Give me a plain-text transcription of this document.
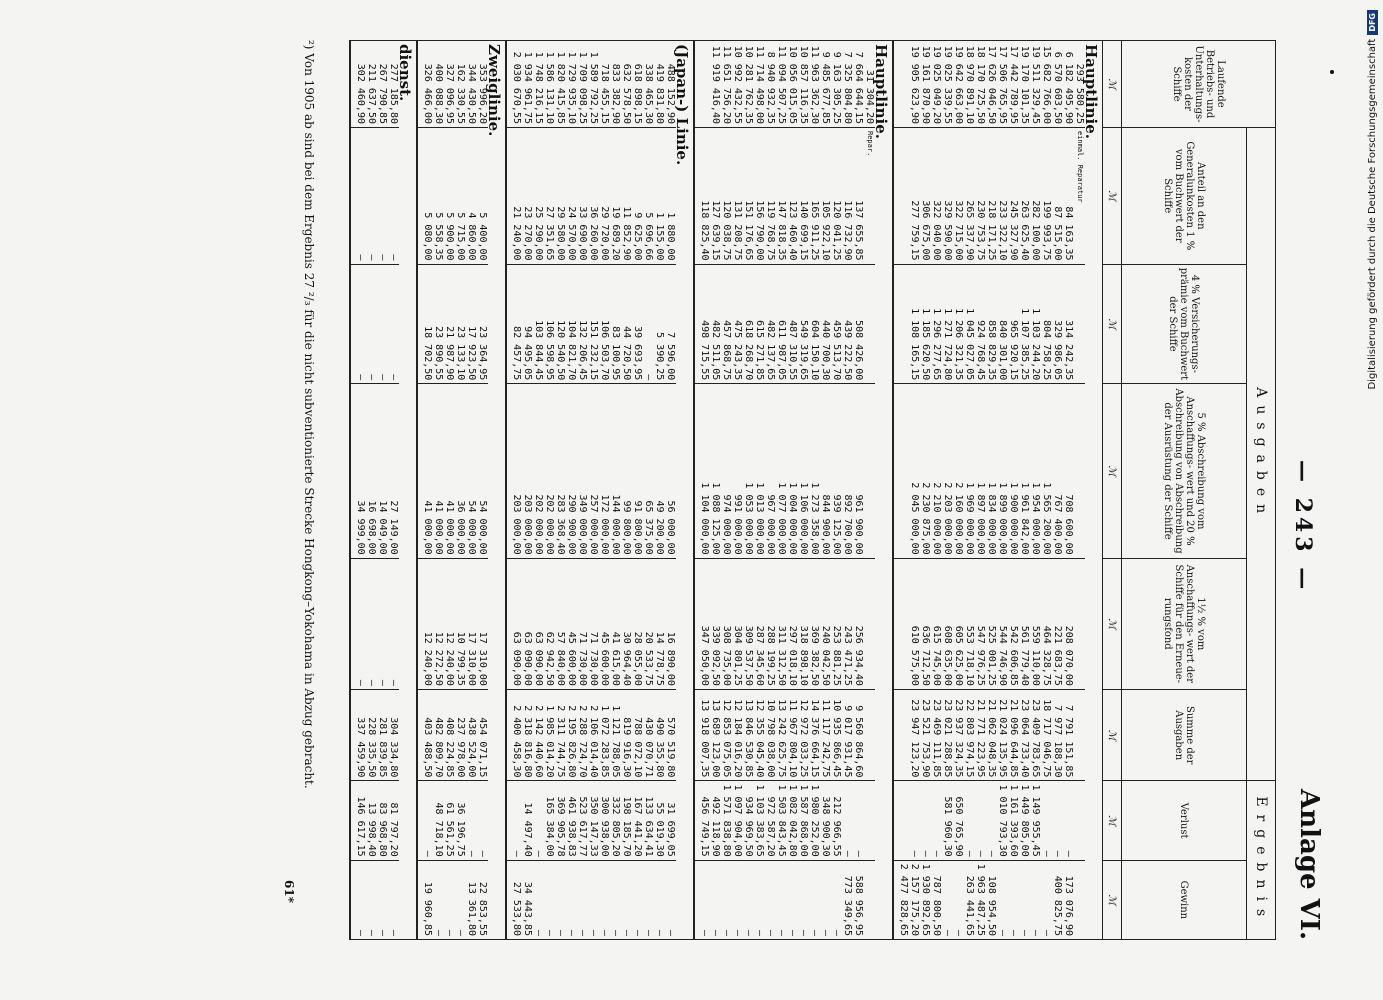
— 243 —
Anlage VI.
Laufende Betriebs- und Unterhaltungs- kosten der Schiffe	Ausgaben					Ergebnis	
	Anteil an den Generalunkosten 1 % vom Buchwert der Schiffe	4 % Versicherungs- prämie vom Buchwert der Schiffe	5 % Abschreibung vom Anschaffungs- wert und 20 % Abschreibung von Abschreibung der Ausrüstung der Schiffe	1½ % vom Anschaffungs- wert der Schiffe für den Erneue- rungsfond	Summe der Ausgaben	Verlust	Gewinn
ℳ	ℳ	ℳ	ℳ	ℳ	ℳ	ℳ	ℳ
Hauptlinie.							
293 580,25	einmal. Reparatur						
6 182 495,90	84 163,35	314 242,35	708 600,00	208 070,00	7 791 151,85	—	173 076,90
6 570 603,50	87 515,00	329 986,05	767 400,00	221 683,75	7 977 188,30	—	400 825,75
15 682 766,00	199 993,75	804 758,25	1 565 200,00	464 328,75	18 717 046,75	—	—
19 511 329,45	282 100,00	1 103 244,20	1 954 000,00	559 110,00	23 409 783,65	1 149 955,45	—
19 170 101,35	263 625,40	1 107 385,25	1 961 842,00	561 779,40	23 064 733,40	1 449 805,00	—
17 442 789,95	245 327,90	965 920,15	1 900 000,00	542 606,85	21 096 644,85	1 161 393,60	—
17 506 765,95	233 322,10	840 301,00	1 899 000,00	544 746,90	21 024 135,95	1 010 793,30	—
17 626 046,50	218 171,25	858 829,35	1 834 000,00	525 001,25	21 062 048,35	—	108 954,50
18 170 725,50	230 753,75	924 768,45	1 897 000,00	547 976,25	21 771 223,95	—	1 963 487,25
18 970 891,10	265 337,90	1 045 027,05	1 969 000,00	553 718,10	22 803 974,15	—	263 441,65
19 642 663,00	322 715,00	1 206 321,35	2 160 000,00	605 625,00	23 937 324,35	650 765,90	—
19 025 339,55	329 590,00	1 271 724,80	2 203 000,00	608 635,00	23 021 288,85	581 960,30	—
19 025 049,20	322 040,00	1 296 277,65	2 210 000,00	615 745,00	23 469 111,85	—	787 800,50
19 161 870,90	306 675,00	1 185 620,50	2 230 875,00	636 712,50	23 521 753,90	—	1 930 892,65
19 905 623,90	277 759,15	1 108 165,15	2 045 000,00	610 575,00	23 947 123,20	—	2 157 175,20
							2 477 828,65

Hauptlinie.							
31 304,20	Repar.						
7 664 644,15	137 655,85	508 426,00	961 900,00	256 934,40	9 560 864,60	—	588 956,95
7 325 804,80	116 732,90	439 222,50	892 700,00	243 471,25	9 017 931,45	—	773 349,65
9 163 305,25	120 041,25	459 513,70	939 125,00	253 881,25	10 935 866,45	212 966,55	—
9 485 677,85	105 922,10	440 700,30	844 900,00	240 042,50	11 117 242,75	348 900,30	—
11 963 362,30	165 911,25	604 150,10	1 273 358,00	369 382,50	14 376 664,15	1 980 252,00	—
10 857 116,35	140 699,15	549 319,65	1 106 000,00	318 898,10	12 972 033,25	1 587 868,00	—
10 056 015,05	123 460,40	487 310,55	1 004 000,00	297 018,10	11 967 804,10	1 082 042,80	—
11 094 507,25	147 818,35	611 987,05	1 077 000,00	311 312,50	13 242 625,75	1 503 843,45	—
8 940 932,35	119 768,75	482 137,65	967 000,00	288 199,25	10 798 038,00	972 587,20	—
11 714 498,00	156 790,00	615 271,85	1 013 000,00	287 345,60	12 355 045,40	1 103 383,65	—
10 281 762,35	151 176,65	618 268,70	1 053 000,00	309 537,50	13 846 530,85	934 969,50	—
10 992 432,55	131 208,75	475 243,35	991 000,00	304 801,25	12 184 016,20	1 097 904,00	—
11 651 756,20	120 038,75	457 868,75	974 000,00	308 735,00	12 853 075,05	1 571 838,80	—
11 919 416,40	127 639,15	482 511,05	1 088 125,00	339 092,50	13 689 123,00	492 118,90	—
	118 825,40	498 715,55	1 104 000,00	347 050,00	13 918 007,35	456 749,15	—

(Japan-) Linie.							
488 152,90	1 880,00	7 596,00	56 000,00	16 890,00	570 519,80	31 699,05	—
419 831,80	1 155,00	5 390,25	49 200,00	14 778,75	490 355,80	55 019,30	—
338 465,30	5 696,66	—	65 375,00	20 533,75	430 070,71	133 634,41	—
618 898,15	9 625,00	39 693,95	91 800,00	28 055,00	788 072,10	167 441,20	—
632 578,50	11 852,90	44 720,50	99 800,00	30 964,40	819 916,30	198 185,70	—
833 382,90	19 689,20	83 100,95	144 000,00	41 615,00	1 121 788,05	332 805,20	—
718 455,15	29 720,00	106 503,70	172 000,00	45 600,00	1 072 283,85	300 938,00	—
1 589 792,25	36 260,00	151 232,15	257 000,00	71 730,00	2 106 014,40	350 147,33	—
1 709 098,25	33 690,00	132 206,45	349 000,00	71 730,00	2 288 724,70	523 617,77	—
1 729 935,10	24 570,00	104 821,70	290 900,00	45 600,00	2 195 826,80	461 938,83	—
1 820 415,85	29 580,00	120 540,50	283 368,40	57 840,00	2 311 744,75	369 905,78	—
1 586 131,10	27 351,65	106 598,95	202 000,00	62 942,50	1 985 014,20	165 384,00	—
1 748 216,15	25 290,00	103 844,45	202 000,00	63 090,00	2 142 440,60	—	—
1 934 961,75	23 270,00	94 495,05	203 000,00	63 090,00	2 318 816,80	14 497,40	34 443,85
2 030 670,55	21 240,00	82 457,75	203 000,00	63 090,00	2 400 458,30	—	27 533,80

Zweiglinie.							
353 996,20	5 400,00	23 364,95	54 000,00	17 310,00	454 071,15	—	22 853,55
344 430,50	4 860,00	17 923,50	54 000,00	17 310,00	438 524,00	—	13 361,80

162 330,55	5 715,00	23 133,10	36 000,00	10 799,35	237 978,00	36 196,75	—
327 096,95	5 900,00	21 987,90	41 000,00	12 240,00	408 224,85	61 561,25	—
400 088,30	5 558,35	23 890,55	41 000,00	12 272,50	482 809,70	48 718,10	—
326 466,00	5 080,00	18 702,50	41 000,00	12 240,00	403 488,50	—	19 960,85

dienst.							
277 185,80	—	—	27 149,00	—	304 334,80	81 797,20	—
267 790,85	—	—	14 049,00	—	281 839,85	83 968,80	—
211 637,50	—	—	16 698,00	—	228 335,50	13 998,40	—
302 460,90	—	—	34 999,00	—	337 459,90	146 617,15	—

²) Von 1905 ab sind bei dem Ergebnis 27 ²/₃ für die nicht subventionierte Strecke Hongkong–Yokohama in Abzug gebracht.
61*
Digitalisierung gefördert durch die Deutsche ForschungsgemeinschaftDFG
